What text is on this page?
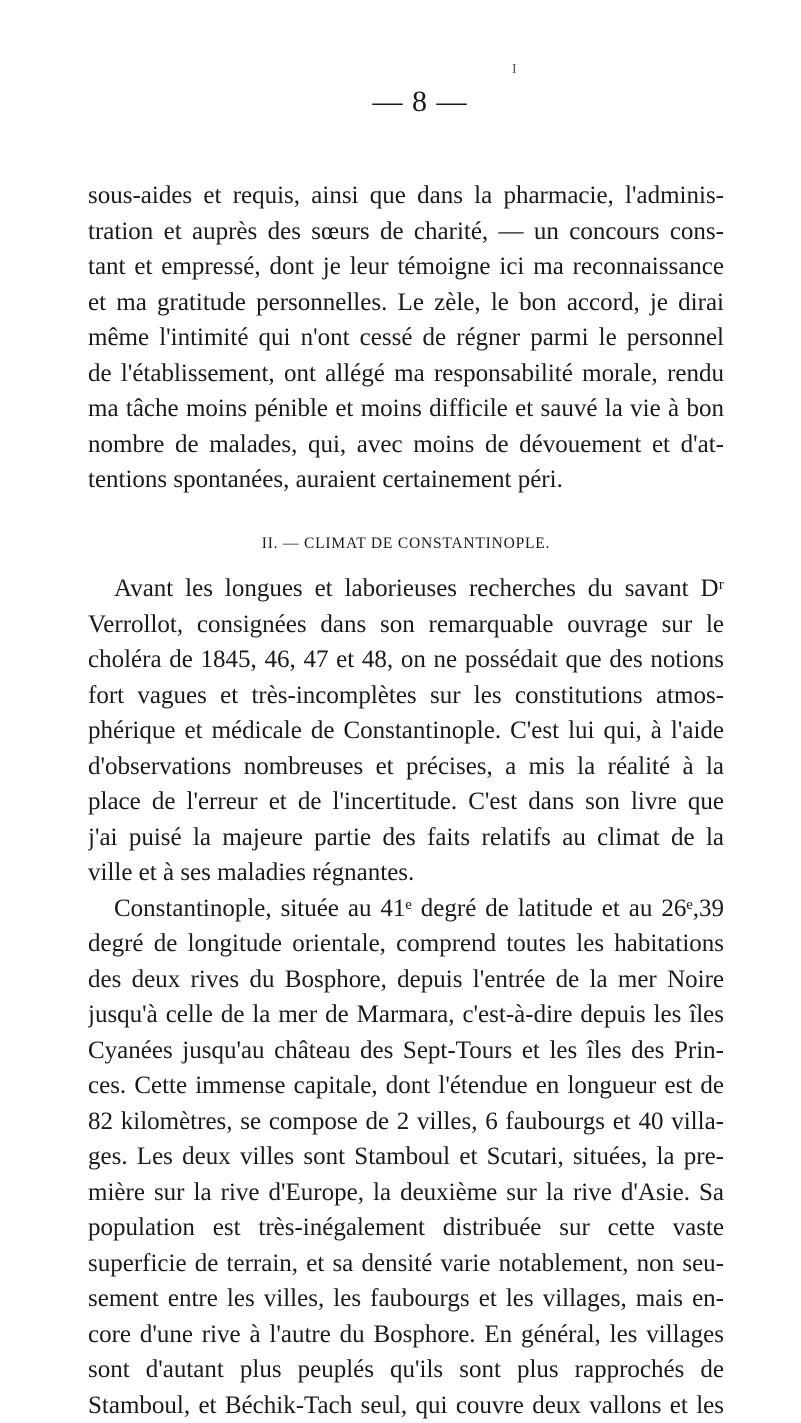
I
— 8 —
sous-aides et requis, ainsi que dans la pharmacie, l'adminis-
tration et auprès des sœurs de charité, — un concours cons-
tant et empressé, dont je leur témoigne ici ma reconnaissance
et ma gratitude personnelles. Le zèle, le bon accord, je dirai
même l'intimité qui n'ont cessé de régner parmi le personnel
de l'établissement, ont allégé ma responsabilité morale, rendu
ma tâche moins pénible et moins difficile et sauvé la vie à bon
nombre de malades, qui, avec moins de dévouement et d'at-
tentions spontanées, auraient certainement péri.
II. — CLIMAT DE CONSTANTINOPLE.
Avant les longues et laborieuses recherches du savant Dʳ
Verrollot, consignées dans son remarquable ouvrage sur le
choléra de 1845, 46, 47 et 48, on ne possédait que des notions
fort vagues et très-incomplètes sur les constitutions atmos-
phérique et médicale de Constantinople. C'est lui qui, à l'aide
d'observations nombreuses et précises, a mis la réalité à la
place de l'erreur et de l'incertitude. C'est dans son livre que
j'ai puisé la majeure partie des faits relatifs au climat de la
ville et à ses maladies régnantes.
Constantinople, située au 41ᵉ degré de latitude et au 26ᵉ,39
degré de longitude orientale, comprend toutes les habitations
des deux rives du Bosphore, depuis l'entrée de la mer Noire
jusqu'à celle de la mer de Marmara, c'est-à-dire depuis les îles
Cyanées jusqu'au château des Sept-Tours et les îles des Prin-
ces. Cette immense capitale, dont l'étendue en longueur est de
82 kilomètres, se compose de 2 villes, 6 faubourgs et 40 villa-
ges. Les deux villes sont Stamboul et Scutari, situées, la pre-
mière sur la rive d'Europe, la deuxième sur la rive d'Asie. Sa
population est très-inégalement distribuée sur cette vaste
superficie de terrain, et sa densité varie notablement, non seu-
sement entre les villes, les faubourgs et les villages, mais en-
core d'une rive à l'autre du Bosphore. En général, les villages
sont d'autant plus peuplés qu'ils sont plus rapprochés de
Stamboul, et Béchik-Tach seul, qui couvre deux vallons et les
